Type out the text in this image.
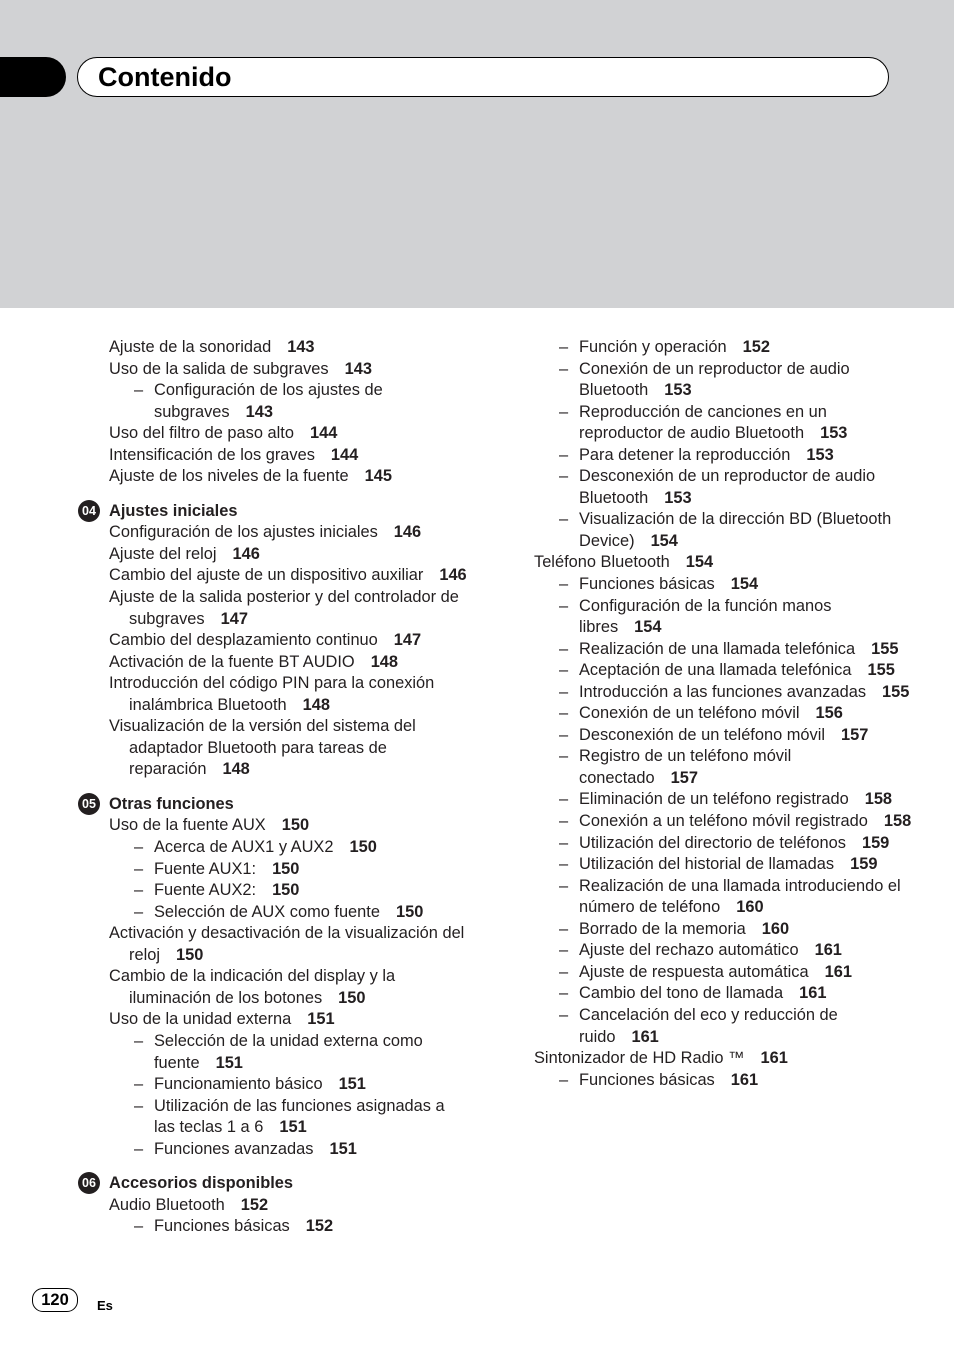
Contenido
Ajuste de la sonoridad 143
Uso de la salida de subgraves 143
– Configuración de los ajustes de subgraves 143
Uso del filtro de paso alto 144
Intensificación de los graves 144
Ajuste de los niveles de la fuente 145
04 Ajustes iniciales
Configuración de los ajustes iniciales 146
Ajuste del reloj 146
Cambio del ajuste de un dispositivo auxiliar 146
Ajuste de la salida posterior y del controlador de subgraves 147
Cambio del desplazamiento continuo 147
Activación de la fuente BT AUDIO 148
Introducción del código PIN para la conexión inalámbrica Bluetooth 148
Visualización de la versión del sistema del adaptador Bluetooth para tareas de reparación 148
05 Otras funciones
Uso de la fuente AUX 150
– Acerca de AUX1 y AUX2 150
– Fuente AUX1: 150
– Fuente AUX2: 150
– Selección de AUX como fuente 150
Activación y desactivación de la visualización del reloj 150
Cambio de la indicación del display y la iluminación de los botones 150
Uso de la unidad externa 151
– Selección de la unidad externa como fuente 151
– Funcionamiento básico 151
– Utilización de las funciones asignadas a las teclas 1 a 6 151
– Funciones avanzadas 151
06 Accesorios disponibles
Audio Bluetooth 152
– Funciones básicas 152
– Función y operación 152
– Conexión de un reproductor de audio Bluetooth 153
– Reproducción de canciones en un reproductor de audio Bluetooth 153
– Para detener la reproducción 153
– Desconexión de un reproductor de audio Bluetooth 153
– Visualización de la dirección BD (Bluetooth Device) 154
Teléfono Bluetooth 154
– Funciones básicas 154
– Configuración de la función manos libres 154
– Realización de una llamada telefónica 155
– Aceptación de una llamada telefónica 155
– Introducción a las funciones avanzadas 155
– Conexión de un teléfono móvil 156
– Desconexión de un teléfono móvil 157
– Registro de un teléfono móvil conectado 157
– Eliminación de un teléfono registrado 158
– Conexión a un teléfono móvil registrado 158
– Utilización del directorio de teléfonos 159
– Utilización del historial de llamadas 159
– Realización de una llamada introduciendo el número de teléfono 160
– Borrado de la memoria 160
– Ajuste del rechazo automático 161
– Ajuste de respuesta automática 161
– Cambio del tono de llamada 161
– Cancelación del eco y reducción de ruido 161
Sintonizador de HD Radio ™ 161
– Funciones básicas 161
120	Es
